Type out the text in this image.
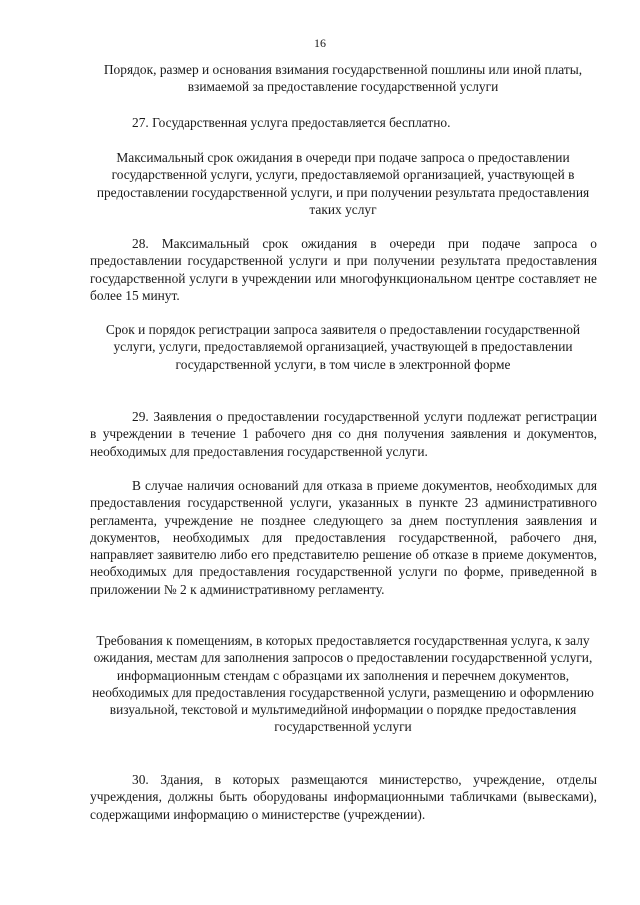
16
Порядок, размер и основания взимания государственной пошлины или иной платы, взимаемой за предоставление государственной услуги
27. Государственная услуга предоставляется бесплатно.
Максимальный срок ожидания в очереди при подаче запроса о предоставлении государственной услуги, услуги, предоставляемой организацией, участвующей в предоставлении государственной услуги, и при получении результата предоставления таких услуг
28. Максимальный срок ожидания в очереди при подаче запроса о предоставлении государственной услуги и при получении результата предоставления государственной услуги в учреждении или многофункциональном центре составляет не более 15 минут.
Срок и порядок регистрации запроса заявителя о предоставлении государственной услуги, услуги, предоставляемой организацией, участвующей в предоставлении государственной услуги, в том числе в электронной форме
29. Заявления о предоставлении государственной услуги подлежат регистрации в учреждении в течение 1 рабочего дня со дня получения заявления и документов, необходимых для предоставления государственной услуги.
В случае наличия оснований для отказа в приеме документов, необходимых для предоставления государственной услуги, указанных в пункте 23 административного регламента, учреждение не позднее следующего за днем поступления заявления и документов, необходимых для предоставления государственной, рабочего дня, направляет заявителю либо его представителю решение об отказе в приеме документов, необходимых для предоставления государственной услуги по форме, приведенной в приложении № 2 к административному регламенту.
Требования к помещениям, в которых предоставляется государственная услуга, к залу ожидания, местам для заполнения запросов о предоставлении государственной услуги, информационным стендам с образцами их заполнения и перечнем документов, необходимых для предоставления государственной услуги, размещению и оформлению визуальной, текстовой и мультимедийной информации о порядке предоставления государственной услуги
30. Здания, в которых размещаются министерство, учреждение, отделы учреждения, должны быть оборудованы информационными табличками (вывесками), содержащими информацию о министерстве (учреждении).
